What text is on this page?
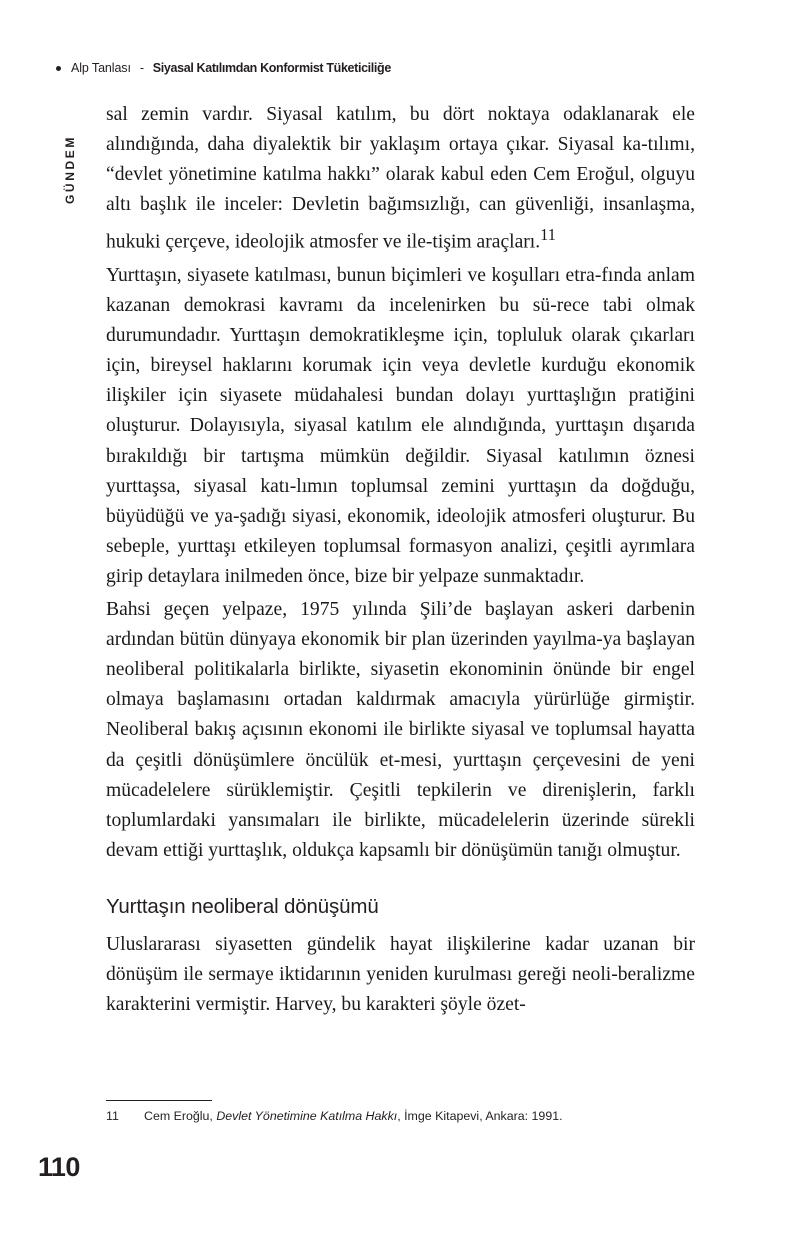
Alp Tanlası - Siyasal Katılımdan Konformist Tüketiciliğe
GÜNDEM

sal zemin vardır. Siyasal katılım, bu dört noktaya odaklanarak ele alındığında, daha diyalektik bir yaklaşım ortaya çıkar. Siyasal ka-​tılımı, “devlet yönetimine katılma hakkı” olarak kabul eden Cem Eroğul, olguyu altı başlık ile inceler: Devletin bağımsızlığı, can güvenliği, insanlaşma, hukuki çerçeve, ideolojik atmosfer ve ile-​tişim araçları.$^{11}$

Yurttaşın, siyasete katılması, bunun biçimleri ve koşulları etra-​fında anlam kazanan demokrasi kavramı da incelenirken bu sü-​rece tabi olmak durumundadır. Yurttaşın demokratikleşme için, topluluk olarak çıkarları için, bireysel haklarını korumak için veya devletle kurduğu ekonomik ilişkiler için siyasete müdahalesi bundan dolayı yurttaşlığın pratiğini oluşturur. Dolayısıyla, siyasal katılım ele alındığında, yurttaşın dışarıda bırakıldığı bir tartışma mümkün değildir. Siyasal katılımın öznesi yurttaşsa, siyasal katı-​lımın toplumsal zemini yurttaşın da doğduğu, büyüdüğü ve ya-​şadığı siyasi, ekonomik, ideolojik atmosferi oluşturur. Bu sebeple, yurttaşı etkileyen toplumsal formasyon analizi, çeşitli ayrımlara girip detaylara inilmeden önce, bize bir yelpaze sunmaktadır.

Bahsi geçen yelpaze, 1975 yılında Şili’de başlayan askeri darbenin ardından bütün dünyaya ekonomik bir plan üzerinden yayılma-​ya başlayan neoliberal politikalarla birlikte, siyasetin ekonominin önünde bir engel olmaya başlamasını ortadan kaldırmak amacıyla yürürlüğe girmiştir. Neoliberal bakış açısının ekonomi ile birlikte siyasal ve toplumsal hayatta da çeşitli dönüşümlere öncülük et-​mesi, yurttaşın çerçevesini de yeni mücadelelere sürüklemiştir. Çeşitli tepkilerin ve direnişlerin, farklı toplumlardaki yansımaları ile birlikte, mücadelelerin üzerinde sürekli devam ettiği yurttaşlık, oldukça kapsamlı bir dönüşümün tanığı olmuştur.

Yurttaşın neoliberal dönüşümü

Uluslararası siyasetten gündelik hayat ilişkilerine kadar uzanan bir dönüşüm ile sermaye iktidarının yeniden kurulması gereği neoli-​beralizme karakterini vermiştir. Harvey, bu karakteri şöyle özet-

11	Cem Eroğlu, Devlet Yönetimine Katılma Hakkı, İmge Kitapevi, Ankara: 1991.
110
